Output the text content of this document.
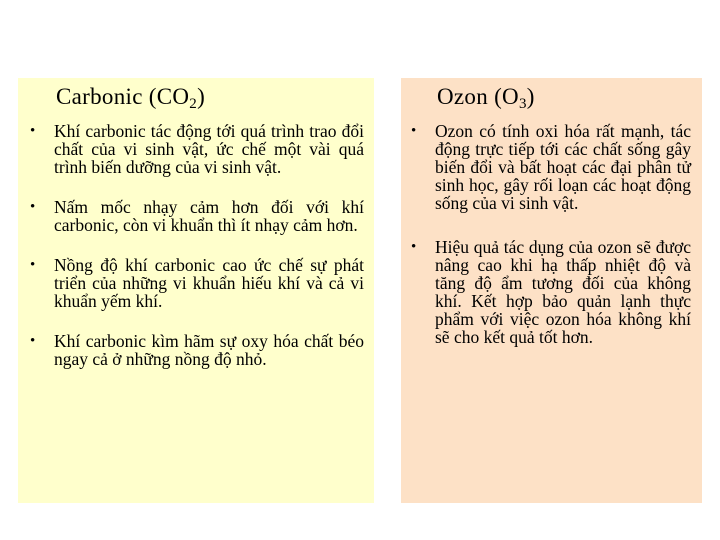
Carbonic $(CO_2)$
• Khí carbonic tác động tới quá trình trao đổi chất của vi sinh vật, ức chế một vài quá trình biến dưỡng của vi sinh vật.
• Nấm mốc nhạy cảm hơn đối với khí carbonic, còn vi khuẩn thì ít nhạy cảm hơn.
• Nồng độ khí carbonic cao ức chế sự phát triển của những vi khuẩn hiếu khí và cả vi khuẩn yếm khí.
• Khí carbonic kìm hãm sự oxy hóa chất béo ngay cả ở những nồng độ nhỏ.
Ozon $(O_3)$
• Ozon có tính oxi hóa rất mạnh, tác động trực tiếp tới các chất sống gây biến đổi và bất hoạt các đại phân tử sinh học, gây rối loạn các hoạt động sống của vi sinh vật.
• Hiệu quả tác dụng của ozon sẽ được nâng cao khi hạ thấp nhiệt độ và tăng độ ẩm tương đối của không khí. Kết hợp bảo quản lạnh thực phẩm với việc ozon hóa không khí sẽ cho kết quả tốt hơn.
